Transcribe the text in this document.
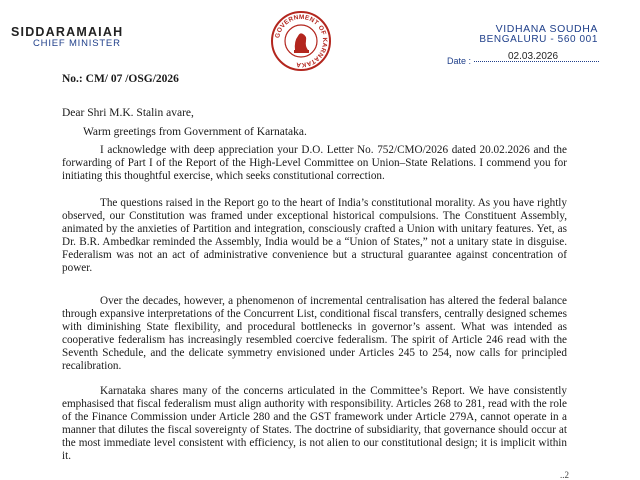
SIDDARAMAIAH
CHIEF MINISTER
GOVERNMENT OF KARNATAKA
VIDHANA SOUDHA
BENGALURU - 560 001
02.03.2026
Date :
No.: CM/ 07 /OSG/2026
Dear Shri M.K. Stalin avare,
Warm greetings from Government of Karnataka.

I acknowledge with deep appreciation your D.O. Letter No. 752/CMO/2026 dated 20.02.2026 and the forwarding of Part I of the Report of the High-Level Committee on Union–State Relations. I commend you for initiating this thoughtful exercise, which seeks constitutional correction.

The questions raised in the Report go to the heart of India’s constitutional morality. As you have rightly observed, our Constitution was framed under exceptional historical compulsions. The Constituent Assembly, animated by the anxieties of Partition and integration, consciously crafted a Union with unitary features. Yet, as Dr. B.R. Ambedkar reminded the Assembly, India would be a “Union of States,” not a unitary state in disguise. Federalism was not an act of administrative convenience but a structural guarantee against concentration of power.

Over the decades, however, a phenomenon of incremental centralisation has altered the federal balance through expansive interpretations of the Concurrent List, conditional fiscal transfers, centrally designed schemes with diminishing State flexibility, and procedural bottlenecks in governor’s assent. What was intended as cooperative federalism has increasingly resembled coercive federalism. The spirit of Article 246 read with the Seventh Schedule, and the delicate symmetry envisioned under Articles 245 to 254, now calls for principled recalibration.

Karnataka shares many of the concerns articulated in the Committee’s Report. We have consistently emphasised that fiscal federalism must align authority with responsibility. Articles 268 to 281, read with the role of the Finance Commission under Article 280 and the GST framework under Article 279A, cannot operate in a manner that dilutes the fiscal sovereignty of States. The doctrine of subsidiarity, that governance should occur at the most immediate level consistent with efficiency, is not alien to our constitutional design; it is implicit within it.

..2
